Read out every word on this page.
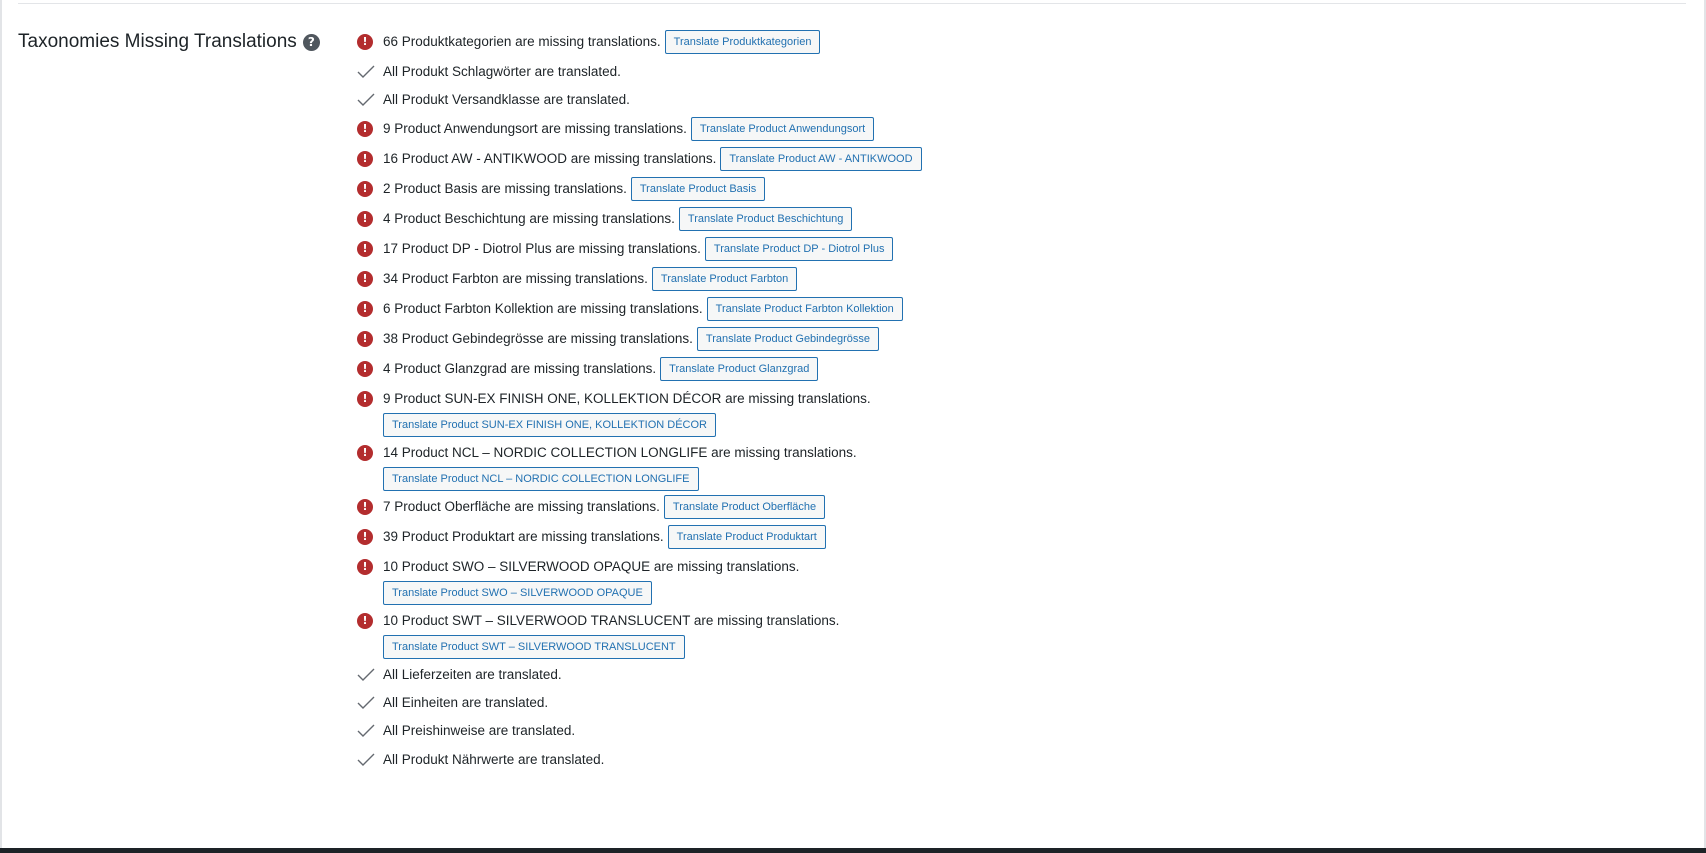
Taxonomies Missing Translations ?	!	66 Produktkategorien are missing translations.	Translate Produktkategorien
All Produkt Schlagwörter are translated.
All Produkt Versandklasse are translated.
!	9 Product Anwendungsort are missing translations.	Translate Product Anwendungsort
!	16 Product AW - ANTIKWOOD are missing translations.	Translate Product AW - ANTIKWOOD
!	2 Product Basis are missing translations.	Translate Product Basis
!	4 Product Beschichtung are missing translations.	Translate Product Beschichtung
!	17 Product DP - Diotrol Plus are missing translations.	Translate Product DP - Diotrol Plus
!	34 Product Farbton are missing translations.	Translate Product Farbton
!	6 Product Farbton Kollektion are missing translations.	Translate Product Farbton Kollektion
!	38 Product Gebindegrösse are missing translations.	Translate Product Gebindegrösse
!	4 Product Glanzgrad are missing translations.	Translate Product Glanzgrad
!	9 Product SUN-EX FINISH ONE, KOLLEKTION DÉCOR are missing translations.
Translate Product SUN-EX FINISH ONE, KOLLEKTION DÉCOR
!	14 Product NCL – NORDIC COLLECTION LONGLIFE are missing translations.
Translate Product NCL – NORDIC COLLECTION LONGLIFE
!	7 Product Oberfläche are missing translations.	Translate Product Oberfläche
!	39 Product Produktart are missing translations.	Translate Product Produktart
!	10 Product SWO – SILVERWOOD OPAQUE are missing translations.
Translate Product SWO – SILVERWOOD OPAQUE
!	10 Product SWT – SILVERWOOD TRANSLUCENT are missing translations.
Translate Product SWT – SILVERWOOD TRANSLUCENT
All Lieferzeiten are translated.
All Einheiten are translated.
All Preishinweise are translated.
All Produkt Nährwerte are translated.
